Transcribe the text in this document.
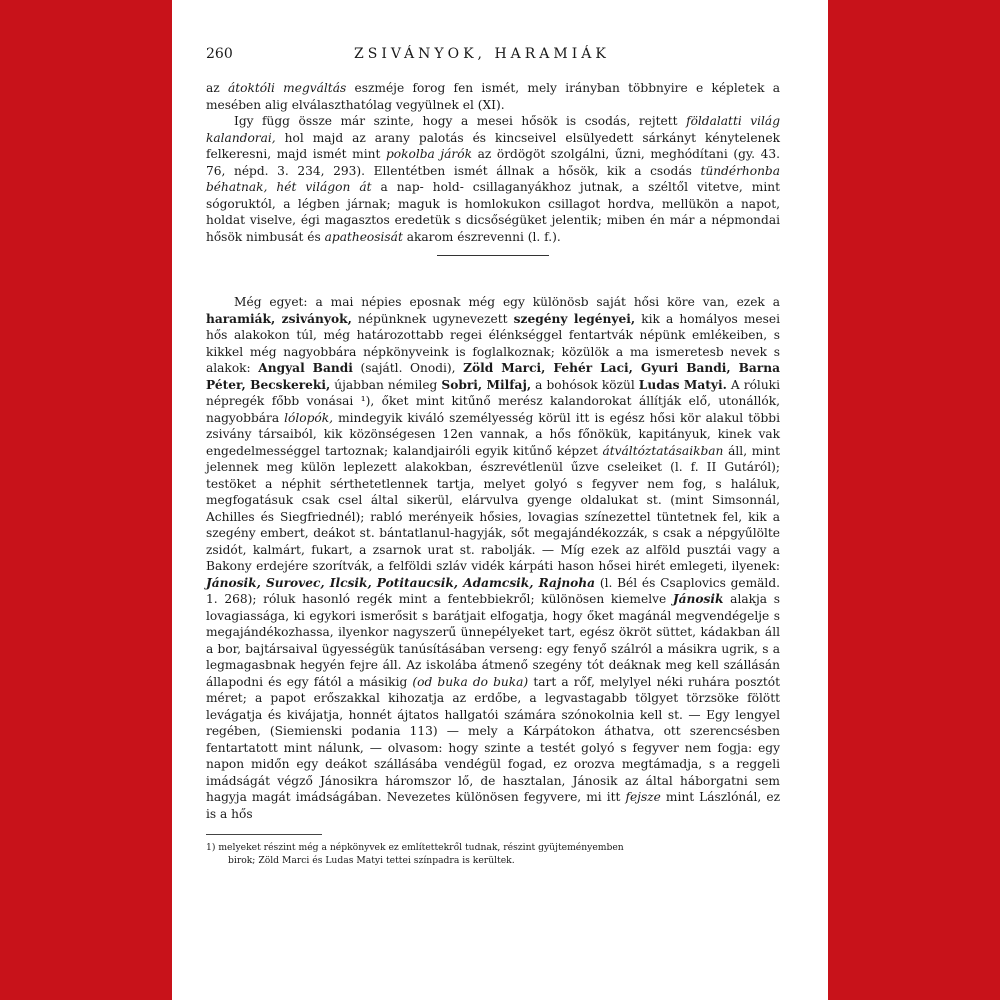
260	ZSIVÁNYOK, HARAMIÁK

az átoktóli megváltás eszméje forog fen ismét, mely irányban többnyire e képletek a mesében alig elválaszthatólag vegyülnek el (XI).

Igy függ össze már szinte, hogy a mesei hősök is csodás, rejtett földalatti világ kalandorai, hol majd az arany palotás és kincseivel elsülyedett sárkányt kénytelenek felkeresni, majd ismét mint pokolba járók az ördögöt szolgálni, űzni, meghódítani (gy. 43. 76, népd. 3. 234, 293). Ellentétben ismét állnak a hősök, kik a csodás tündérhonba béhatnak, hét világon át a nap- hold- csillaganyákhoz jutnak, a széltől vitetve, mint sógoruktól, a légben járnak; maguk is homlokukon csillagot hordva, mellükön a napot, holdat viselve, égi magasztos eredetük s dicsőségüket jelentik; miben én már a népmondai hősök nimbusát és apatheosisát akarom észrevenni (l. f.).

Még egyet: a mai népies eposnak még egy különösb saját hősi köre van, ezek a haramiák, zsiványok, népünknek ugynevezett szegény legényei, kik a homályos mesei hős alakokon túl, még határozottabb regei élénkséggel fentartvák népünk emlékeiben, s kikkel még nagyobbára népkönyveink is foglalkoznak; közülök a ma ismeretesb nevek s alakok: Angyal Bandi (sajátl. Onodi), Zöld Marci, Fehér Laci, Gyuri Bandi, Barna Péter, Becskereki, újabban némileg Sobri, Milfaj, a bohósok közül Ludas Matyi. A róluki népregék főbb vonásai ¹), őket mint kitűnő merész kalandorokat állítják elő, utonállók, nagyobbára lólopók, mindegyik kiváló személyesség körül itt is egész hősi kör alakul többi zsivány társaiból, kik közönségesen 12en vannak, a hős főnökük, kapitányuk, kinek vak engedelmességgel tartoznak; kalandjairóli egyik kitűnő képzet átváltóztatásaikban áll, mint jelennek meg külön leplezett alakokban, észrevétlenül űzve cseleiket (l. f. II Gutáról); testöket a néphit sérthetetlennek tartja, melyet golyó s fegyver nem fog, s haláluk, megfogatásuk csak csel által sikerül, elárvulva gyenge oldalukat st. (mint Simsonnál, Achilles és Siegfriednél); rabló merényeik hősies, lovagias színezettel tüntetnek fel, kik a szegény embert, deákot st. bántatlanul-hagyják, sőt megajándékozzák, s csak a népgyűlölte zsidót, kalmárt, fukart, a zsarnok urat st. rabolják. — Míg ezek az alföld pusztái vagy a Bakony erdejére szorítvák, a felföldi szláv vidék kárpáti hason hősei hirét emlegeti, ilyenek: Jánosik, Surovec, Ilcsik, Potitaucsik, Adamcsik, Rajnoha (l. Bél és Csaplovics gemäld. 1. 268); róluk hasonló regék mint a fentebbiekről; különösen kiemelve Jánosik alakja s lovagiassága, ki egykori ismerősit s barátjait elfogatja, hogy őket magánál megvendégelje s megajándékozhassa, ilyenkor nagyszerű ünnepélyeket tart, egész ökröt süttet, kádakban áll a bor, bajtársaival ügyességük tanúsításában verseng: egy fenyő szálról a másikra ugrik, s a legmagasbnak hegyén fejre áll. Az iskolába átmenő szegény tót deáknak meg kell szállásán állapodni és egy fától a másikig (od buka do buka) tart a rőf, melylyel néki ruhára posztót méret; a papot erőszakkal kihozatja az erdőbe, a legvastagabb tölgyet törzsöke fölött levágatja és kivájatja, honnét ájtatos hallgatói számára szónokolnia kell st. — Egy lengyel regében, (Siemienski podania 113) — mely a Kárpátokon áthatva, ott szerencsésben fentartatott mint nálunk, — olvasom: hogy szinte a testét golyó s fegyver nem fogja: egy napon midőn egy deákot szállásába vendégül fogad, ez orozva megtámadja, s a reggeli imádságát végző Jánosikra háromszor lő, de hasztalan, Jánosik az által háborgatni sem hagyja magát imádságában. Nevezetes különösen fegyvere, mi itt fejsze mint Lászlónál, ez is a hős

1) melyeket részint még a népkönyvek ez említettekről tudnak, részint gyüjteményemben

birok; Zöld Marci és Ludas Matyi tettei színpadra is kerültek.
